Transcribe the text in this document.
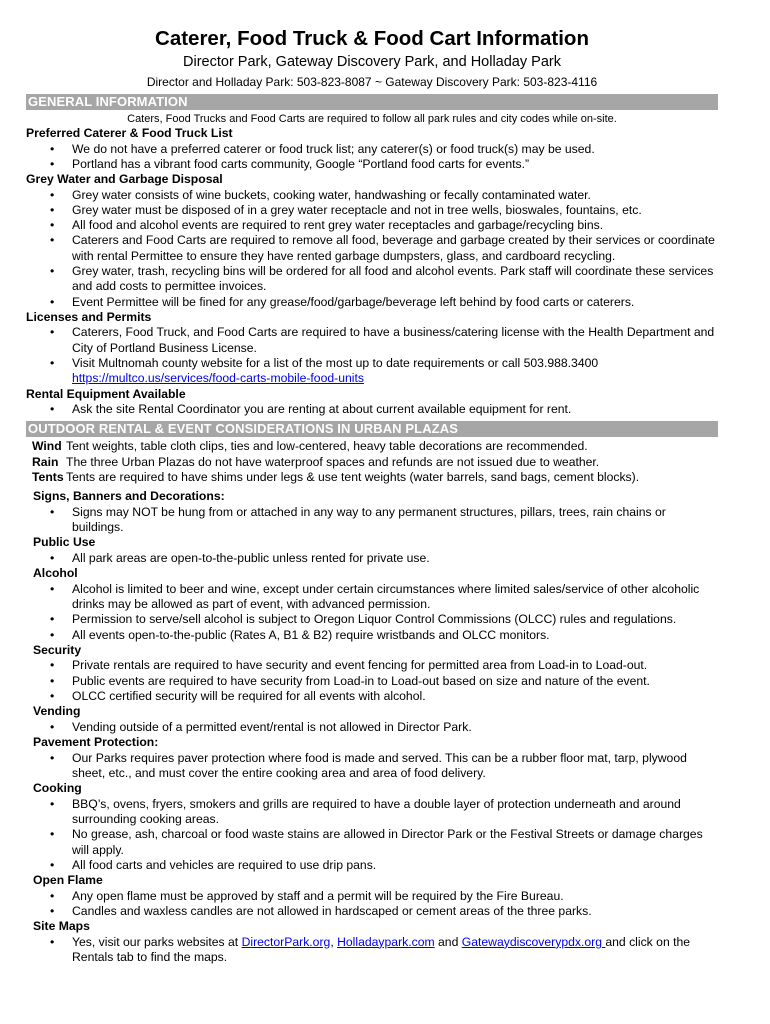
Caterer, Food Truck & Food Cart Information
Director Park, Gateway Discovery Park, and Holladay Park
Director and Holladay Park: 503-823-8087 ~ Gateway Discovery Park: 503-823-4116
GENERAL INFORMATION
Caters, Food Trucks and Food Carts are required to follow all park rules and city codes while on-site.
Preferred Caterer & Food Truck List
• We do not have a preferred caterer or food truck list; any caterer(s) or food truck(s) may be used.
• Portland has a vibrant food carts community, Google “Portland food carts for events.”
Grey Water and Garbage Disposal
• Grey water consists of wine buckets, cooking water, handwashing or fecally contaminated water.
• Grey water must be disposed of in a grey water receptacle and not in tree wells, bioswales, fountains, etc.
• All food and alcohol events are required to rent grey water receptacles and garbage/recycling bins.
• Caterers and Food Carts are required to remove all food, beverage and garbage created by their services or coordinate with rental Permittee to ensure they have rented garbage dumpsters, glass, and cardboard recycling.
• Grey water, trash, recycling bins will be ordered for all food and alcohol events. Park staff will coordinate these services and add costs to permittee invoices.
• Event Permittee will be fined for any grease/food/garbage/beverage left behind by food carts or caterers.
Licenses and Permits
• Caterers, Food Truck, and Food Carts are required to have a business/catering license with the Health Department and City of Portland Business License.
• Visit Multnomah county website for a list of the most up to date requirements or call 503.988.3400
https://multco.us/services/food-carts-mobile-food-units
Rental Equipment Available
• Ask the site Rental Coordinator you are renting at about current available equipment for rent.
OUTDOOR RENTAL & EVENT CONSIDERATIONS IN URBAN PLAZAS
Wind Tent weights, table cloth clips, ties and low-centered, heavy table decorations are recommended.
Rain The three Urban Plazas do not have waterproof spaces and refunds are not issued due to weather.
Tents Tents are required to have shims under legs & use tent weights (water barrels, sand bags, cement blocks).
Signs, Banners and Decorations:
• Signs may NOT be hung from or attached in any way to any permanent structures, pillars, trees, rain chains or buildings.
Public Use
• All park areas are open-to-the-public unless rented for private use.
Alcohol
• Alcohol is limited to beer and wine, except under certain circumstances where limited sales/service of other alcoholic drinks may be allowed as part of event, with advanced permission.
• Permission to serve/sell alcohol is subject to Oregon Liquor Control Commissions (OLCC) rules and regulations.
• All events open-to-the-public (Rates A, B1 & B2) require wristbands and OLCC monitors.
Security
• Private rentals are required to have security and event fencing for permitted area from Load-in to Load-out.
• Public events are required to have security from Load-in to Load-out based on size and nature of the event.
• OLCC certified security will be required for all events with alcohol.
Vending
• Vending outside of a permitted event/rental is not allowed in Director Park.
Pavement Protection:
• Our Parks requires paver protection where food is made and served. This can be a rubber floor mat, tarp, plywood sheet, etc., and must cover the entire cooking area and area of food delivery.
Cooking
• BBQ’s, ovens, fryers, smokers and grills are required to have a double layer of protection underneath and around surrounding cooking areas.
• No grease, ash, charcoal or food waste stains are allowed in Director Park or the Festival Streets or damage charges will apply.
• All food carts and vehicles are required to use drip pans.
Open Flame
• Any open flame must be approved by staff and a permit will be required by the Fire Bureau.
• Candles and waxless candles are not allowed in hardscaped or cement areas of the three parks.
Site Maps
• Yes, visit our parks websites at DirectorPark.org, Holladaypark.com and Gatewaydiscoverypdx.org and click on the Rentals tab to find the maps.
